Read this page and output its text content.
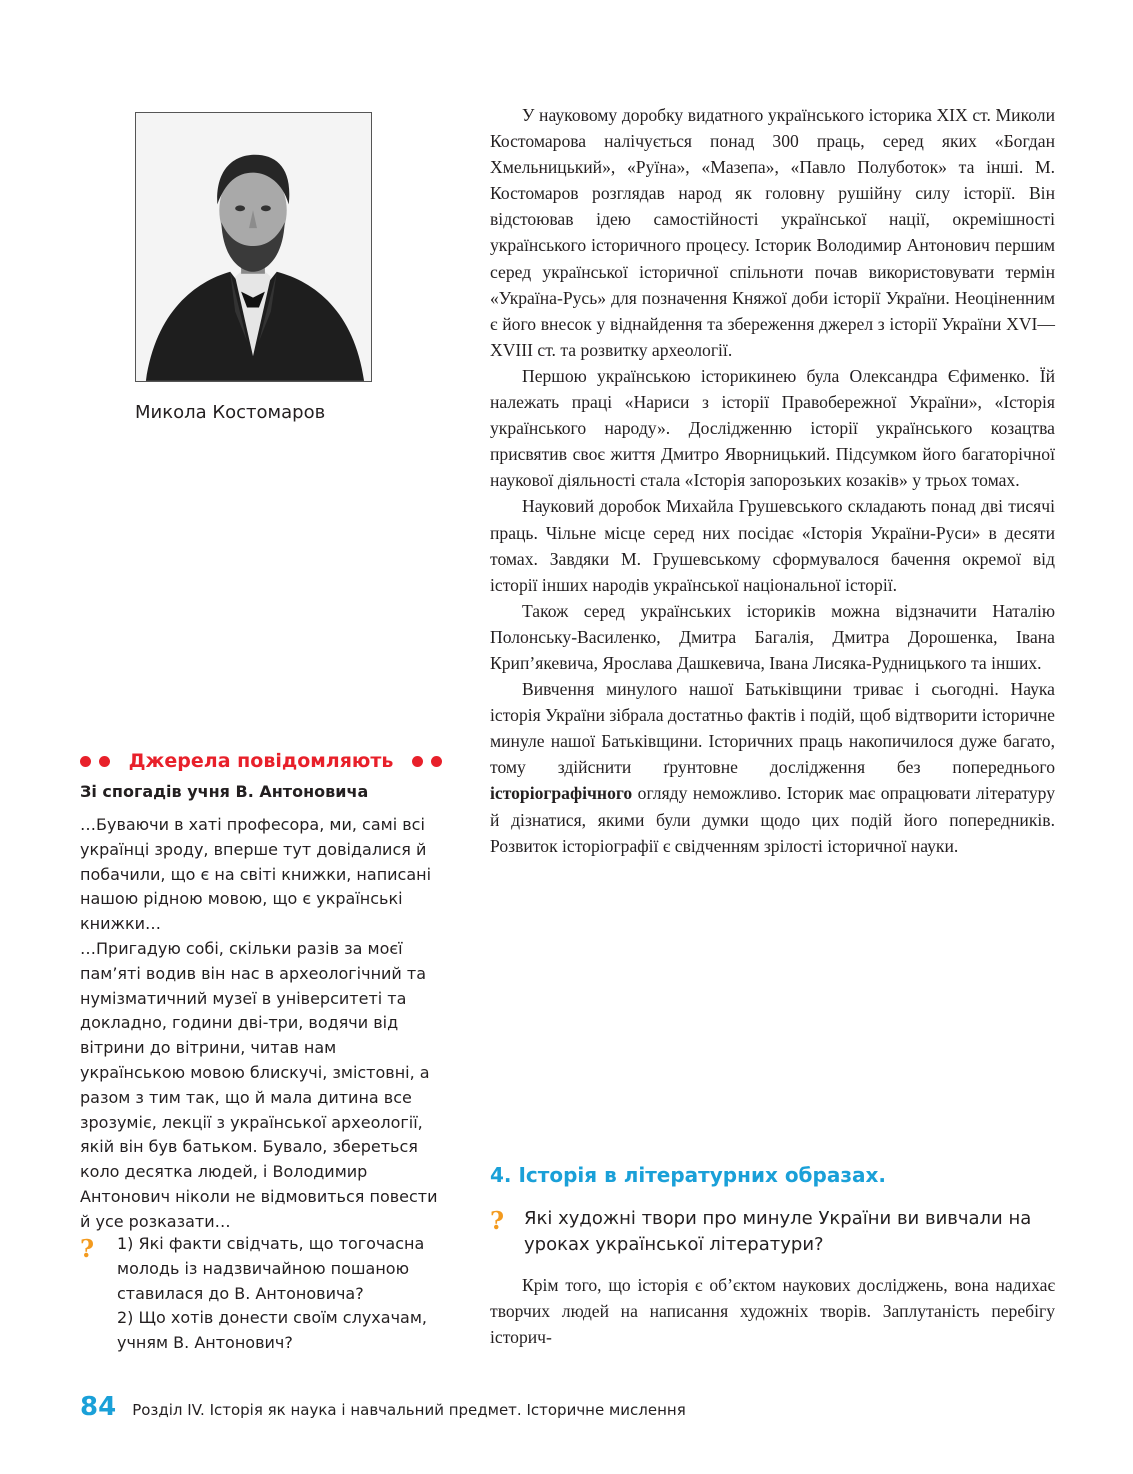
Микола Костомаров
Джерела повідомляють
Зі спогадів учня В. Антоновича

…Буваючи в хаті професора, ми, самі всі українці зроду, вперше тут довідалися й побачили, що є на світі книжки, написані нашою рідною мовою, що є українські книжки…

…Пригадую собі, скільки разів за моєї пам’яті водив він нас в археологічний та нумізматичний музеї в університеті та докладно, години дві-три, водячи від вітрини до вітрини, читав нам українською мовою блискучі, змістовні, а разом з тим так, що й мала дитина все зрозуміє, лекції з української археології, якій він був батьком. Бувало, збереться коло десятка людей, і Володимир Антонович ніколи не відмовиться повести й усе розказати…

? 1) Які факти свідчать, що тогочасна молодь із надзвичайною пошаною ставилася до В. Антоновича?

2) Що хотів донести своїм слухачам, учням В. Антонович?

У науковому доробку видатного українського історика XIX ст. Миколи Костомарова налічується понад 300 праць, серед яких «Богдан Хмельницький», «Руїна», «Мазепа», «Павло Полуботок» та інші. М. Костомаров розглядав народ як головну рушійну силу історії. Він відстоював ідею самостійності української нації, окремішності українського історичного процесу. Історик Володимир Антонович першим серед української історичної спільноти почав використовувати термін «Україна-Русь» для позначення Княжої доби історії України. Неоціненним є його внесок у віднайдення та збереження джерел з історії України XVI—XVIII ст. та розвитку археології.

Першою українською історикинею була Олександра Єфименко. Їй належать праці «Нариси з історії Правобережної України», «Історія українського народу». Дослідженню історії українського козацтва присвятив своє життя Дмитро Яворницький. Підсумком його багаторічної наукової діяльності стала «Історія запорозьких козаків» у трьох томах.

Науковий доробок Михайла Грушевського складають понад дві тисячі праць. Чільне місце серед них посідає «Історія України-Руси» в десяти томах. Завдяки М. Грушевському сформувалося бачення окремої від історії інших народів української національної історії.

Також серед українських істориків можна відзначити Наталію Полонську-Василенко, Дмитра Багалія, Дмитра Дорошенка, Івана Крип’якевича, Ярослава Дашкевича, Івана Лисяка-Рудницького та інших.

Вивчення минулого нашої Батьківщини триває і сьогодні. Наука історія України зібрала достатньо фактів і подій, щоб відтворити історичне минуле нашої Батьківщини. Історичних праць накопичилося дуже багато, тому здійснити ґрунтовне дослідження без попереднього історіографічного огляду неможливо. Історик має опрацювати літературу й дізнатися, якими були думки щодо цих подій його попередників. Розвиток історіографії є свідченням зрілості історичної науки.

4. Історія в літературних образах.
? Які художні твори про минуле України ви вивчали на уроках української літератури?

Крім того, що історія є об’єктом наукових досліджень, вона надихає творчих людей на написання художніх творів. Заплутаність перебігу історич-

84 Розділ IV. Історія як наука і навчальний предмет. Історичне мислення
